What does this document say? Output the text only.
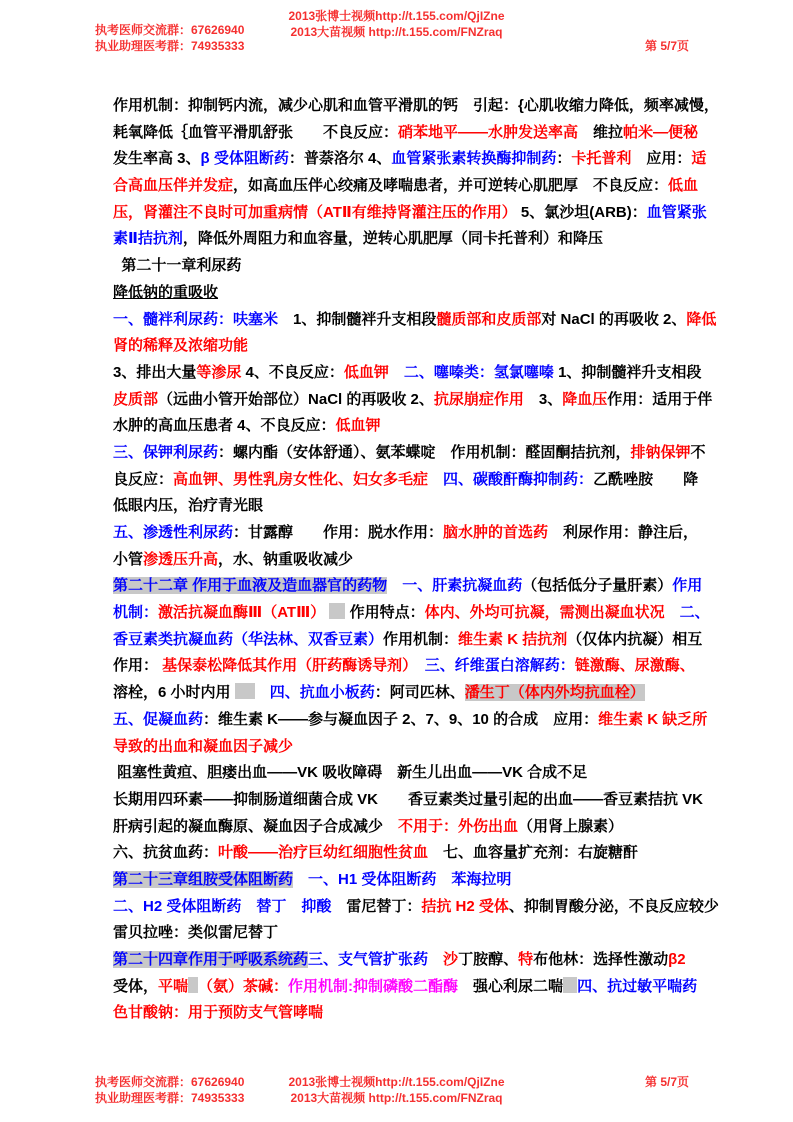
执考医师交流群：67626940
执业助理医考群：74935333
2013张博士视频http://t.155.com/QjIZne
2013大苗视频 http://t.155.com/FNZraq
第 5/7页
作用机制：抑制钙内流，减少心肌和血管平滑肌的钙　引起：{心肌收缩力降低，频率减慢，
耗氧降低｛血管平滑肌舒张　　不良反应：硝苯地平——水肿发送率高　维拉帕米—便秘
发生率高 3、β 受体阻断药：普萘洛尔 4、血管紧张素转换酶抑制药：卡托普利　应用：适
合高血压伴并发症，如高血压伴心绞痛及哮喘患者，并可逆转心肌肥厚　不良反应：低血
压，肾灌注不良时可加重病情（ATⅡ有维持肾灌注压的作用） 5、氯沙坦(ARB)：血管紧张
素Ⅱ拮抗剂，降低外周阻力和血容量，逆转心肌肥厚（同卡托普利）和降压
第二十一章利尿药
降低钠的重吸收
一、髓袢利尿药：呋塞米　1、抑制髓袢升支相段髓质部和皮质部对 NaCl 的再吸收 2、降低
肾的稀释及浓缩功能
3、排出大量等渗尿 4、不良反应：低血钾　 二、噻嗪类：氢氯噻嗪 1、抑制髓袢升支相段
皮质部（远曲小管开始部位）NaCl 的再吸收 2、抗尿崩症作用　3、降血压作用：适用于伴
水肿的高血压患者 4、不良反应：低血钾
三、保钾利尿药：螺内酯（安体舒通）、氨苯蝶啶　作用机制：醛固酮拮抗剂，排钠保钾不
良反应：高血钾、男性乳房女性化、妇女多毛症　 四、碳酸酐酶抑制药：乙酰唑胺　　降
低眼内压，治疗青光眼
五、渗透性利尿药：甘露醇　　作用：脱水作用：脑水肿的首选药　利尿作用：静注后，
小管渗透压升高，水、钠重吸收减少
第二十二章 作用于血液及造血器官的药物　 一、肝素抗凝血药（包括低分子量肝素）作用
机制：激活抗凝血酶Ⅲ（ATⅢ）  作用特点：体内、外均可抗凝，需测出凝血状况　 二、
香豆素类抗凝血药（华法林、双香豆素）作用机制：维生素 K 拮抗剂（仅体内抗凝）相互
作用： 基保泰松降低其作用（肝药酶诱导剂）　 三、纤维蛋白溶解药：链激酶、尿激酶、
溶栓，6 小时内用 　四、抗血小板药：阿司匹林、潘生丁（体内外均抗血栓）
五、促凝血药：维生素 K——参与凝血因子 2、7、9、10 的合成　应用：维生素 K 缺乏所
导致的出血和凝血因子减少
阻塞性黄疸、胆瘘出血——VK 吸收障碍　新生儿出血——VK 合成不足
长期用四环素——抑制肠道细菌合成 VK　　香豆素类过量引起的出血——香豆素拮抗 VK
肝病引起的凝血酶原、凝血因子合成减少　不用于：外伤出血（用肾上腺素）
六、抗贫血药：叶酸——治疗巨幼红细胞性贫血　七、血容量扩充剂：右旋糖酐
第二十三章组胺受体阻断药　 一、H1 受体阻断药　苯海拉明
二、H2 受体阻断药　替丁　抑酸　雷尼替丁：拮抗 H2 受体、抑制胃酸分泌，不良反应较少
雷贝拉唑：类似雷尼替丁
第二十四章作用于呼吸系统药三、支气管扩张药　 沙丁胺醇、特布他林：选择性激动β2
受体，平喘 （氨）茶碱：作用机制:抑制磷酸二酯酶　强心利尿二喘 四、抗过敏平喘药
色甘酸钠：用于预防支气管哮喘
执考医师交流群：67626940
执业助理医考群：74935333
2013张博士视频http://t.155.com/QjIZne
2013大苗视频 http://t.155.com/FNZraq
第 5/7页
